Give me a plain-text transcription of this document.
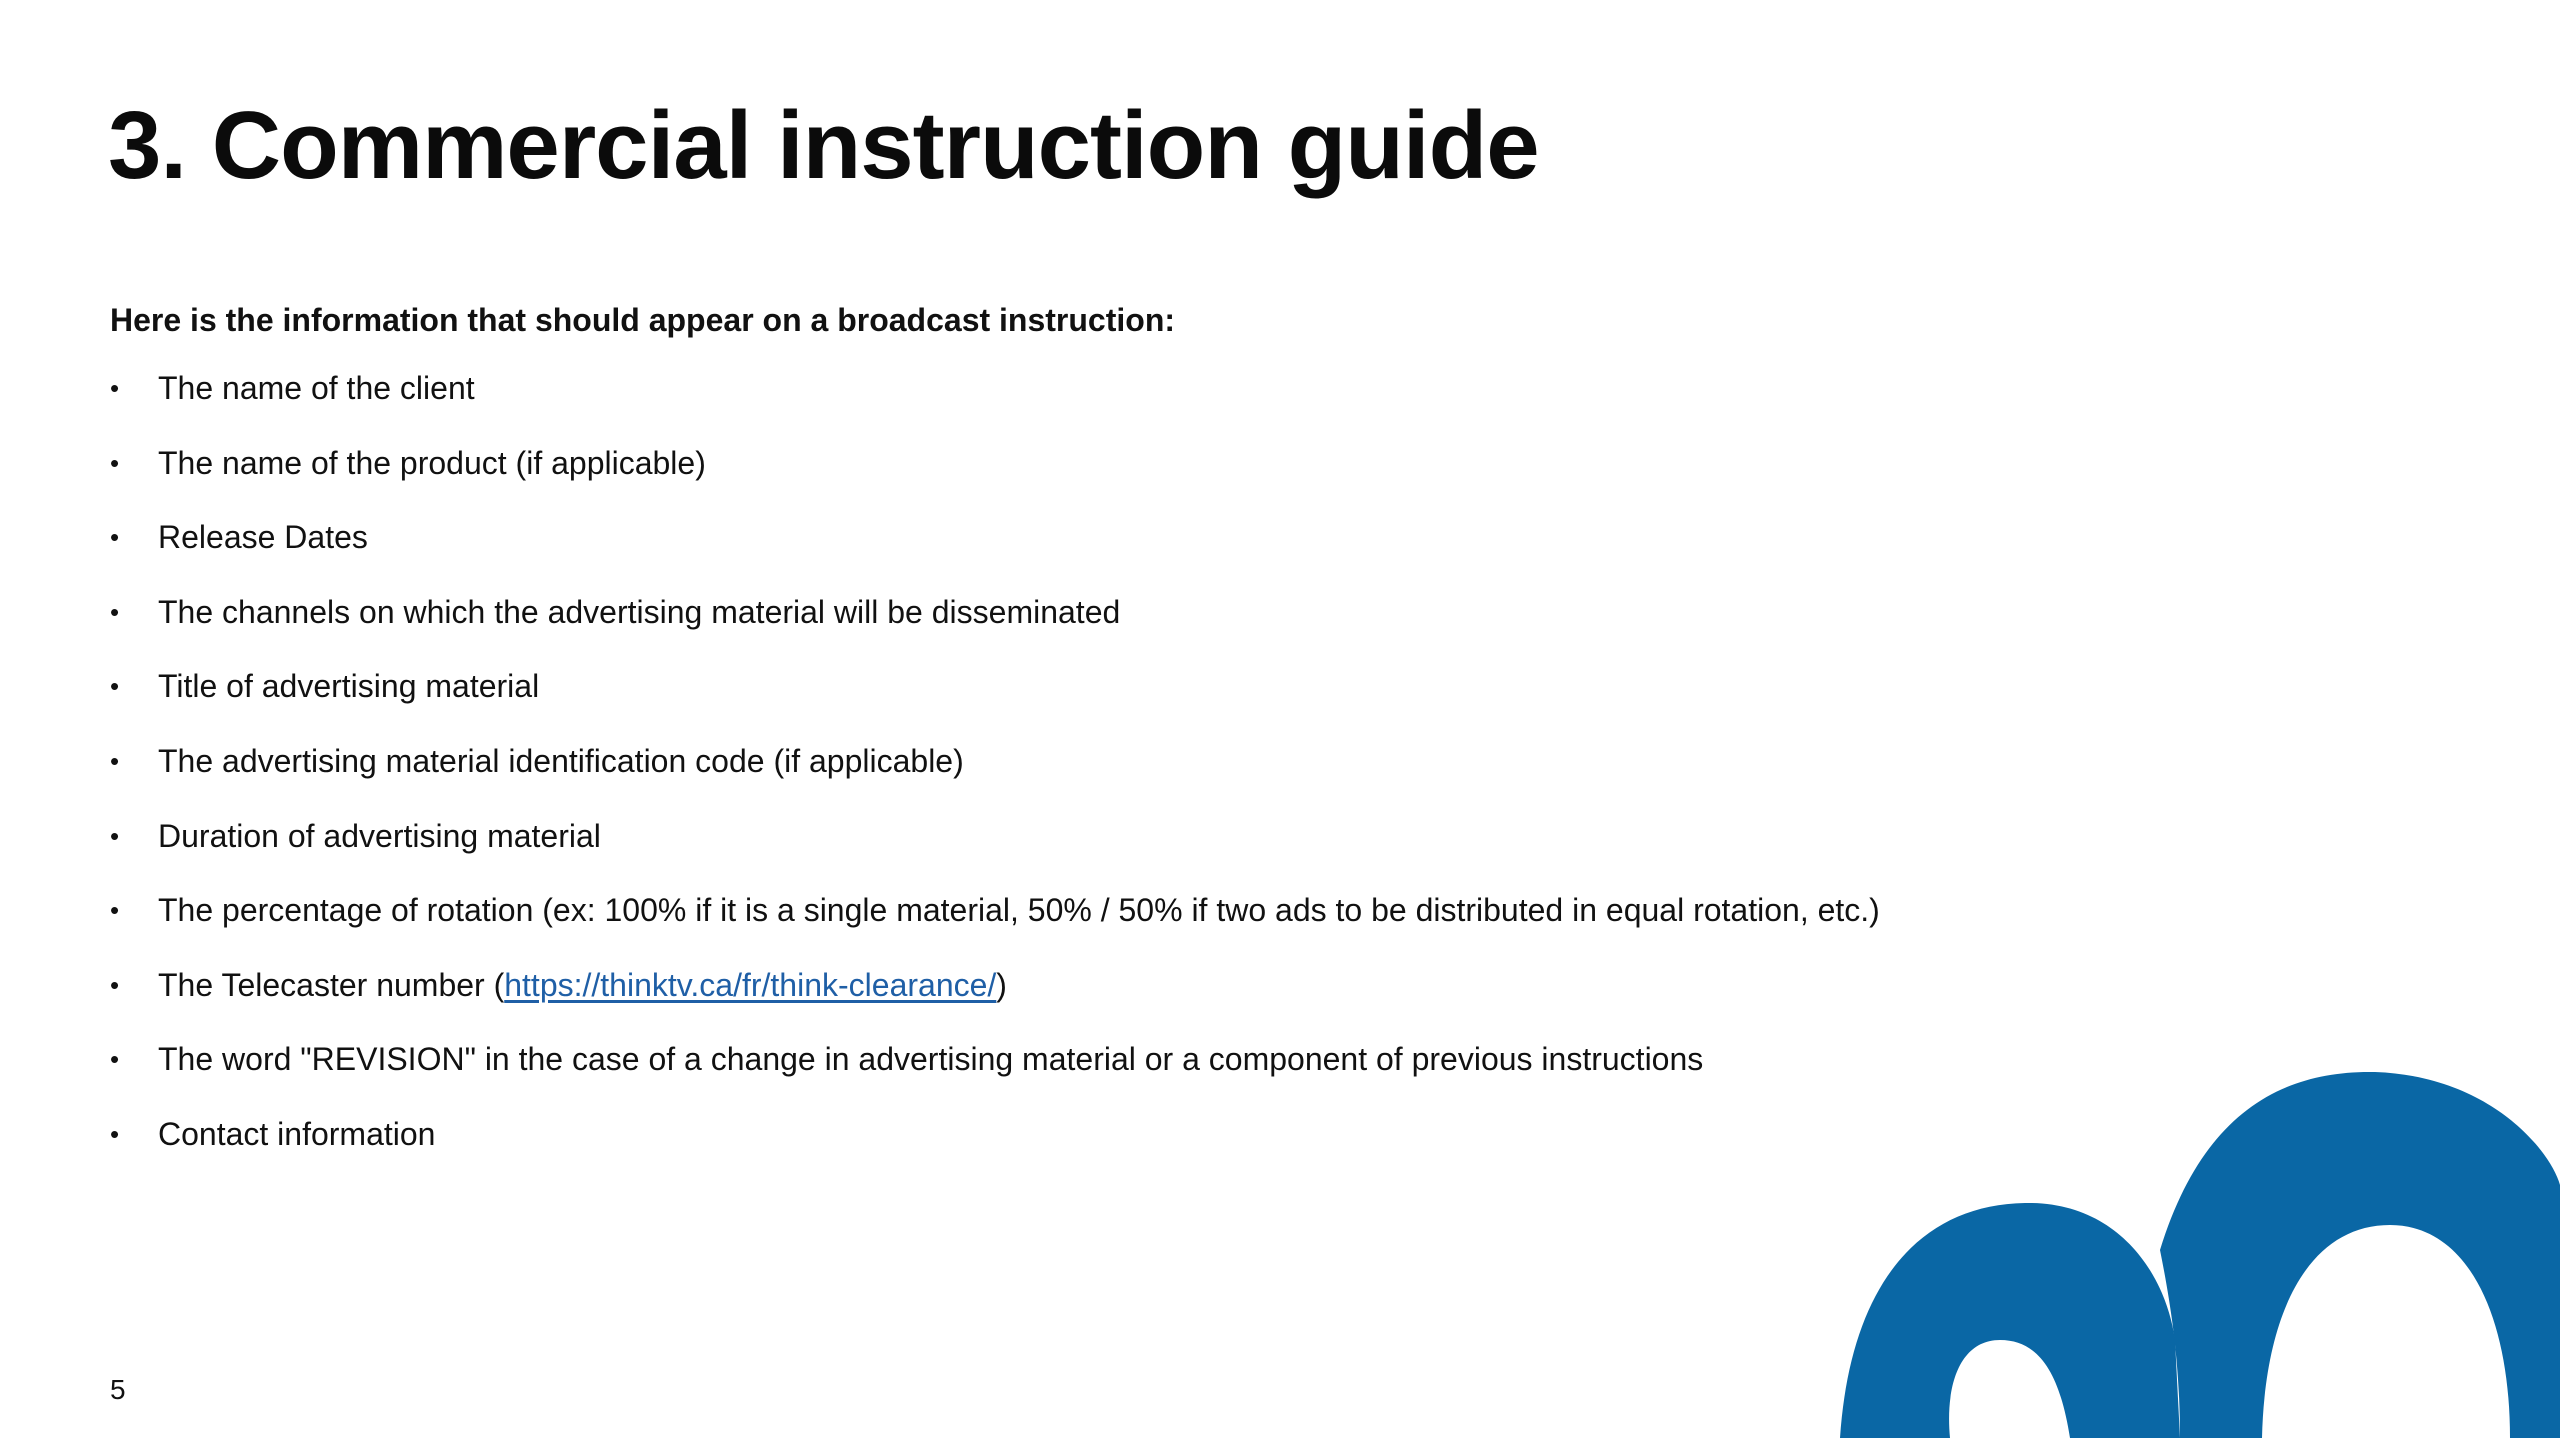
3. Commercial instruction guide

Here is the information that should appear on a broadcast instruction:

•	The name of the client
•	The name of the product (if applicable)
•	Release Dates
•	The channels on which the advertising material will be disseminated
•	Title of advertising material
•	The advertising material identification code (if applicable)
•	Duration of advertising material
•	The percentage of rotation (ex: 100% if it is a single material, 50% / 50% if two ads to be distributed in equal rotation, etc.)
•	The Telecaster number (https://thinktv.ca/fr/think-clearance/)
•	The word "REVISION" in the case of a change in advertising material or a component of previous instructions
•	Contact information

5
